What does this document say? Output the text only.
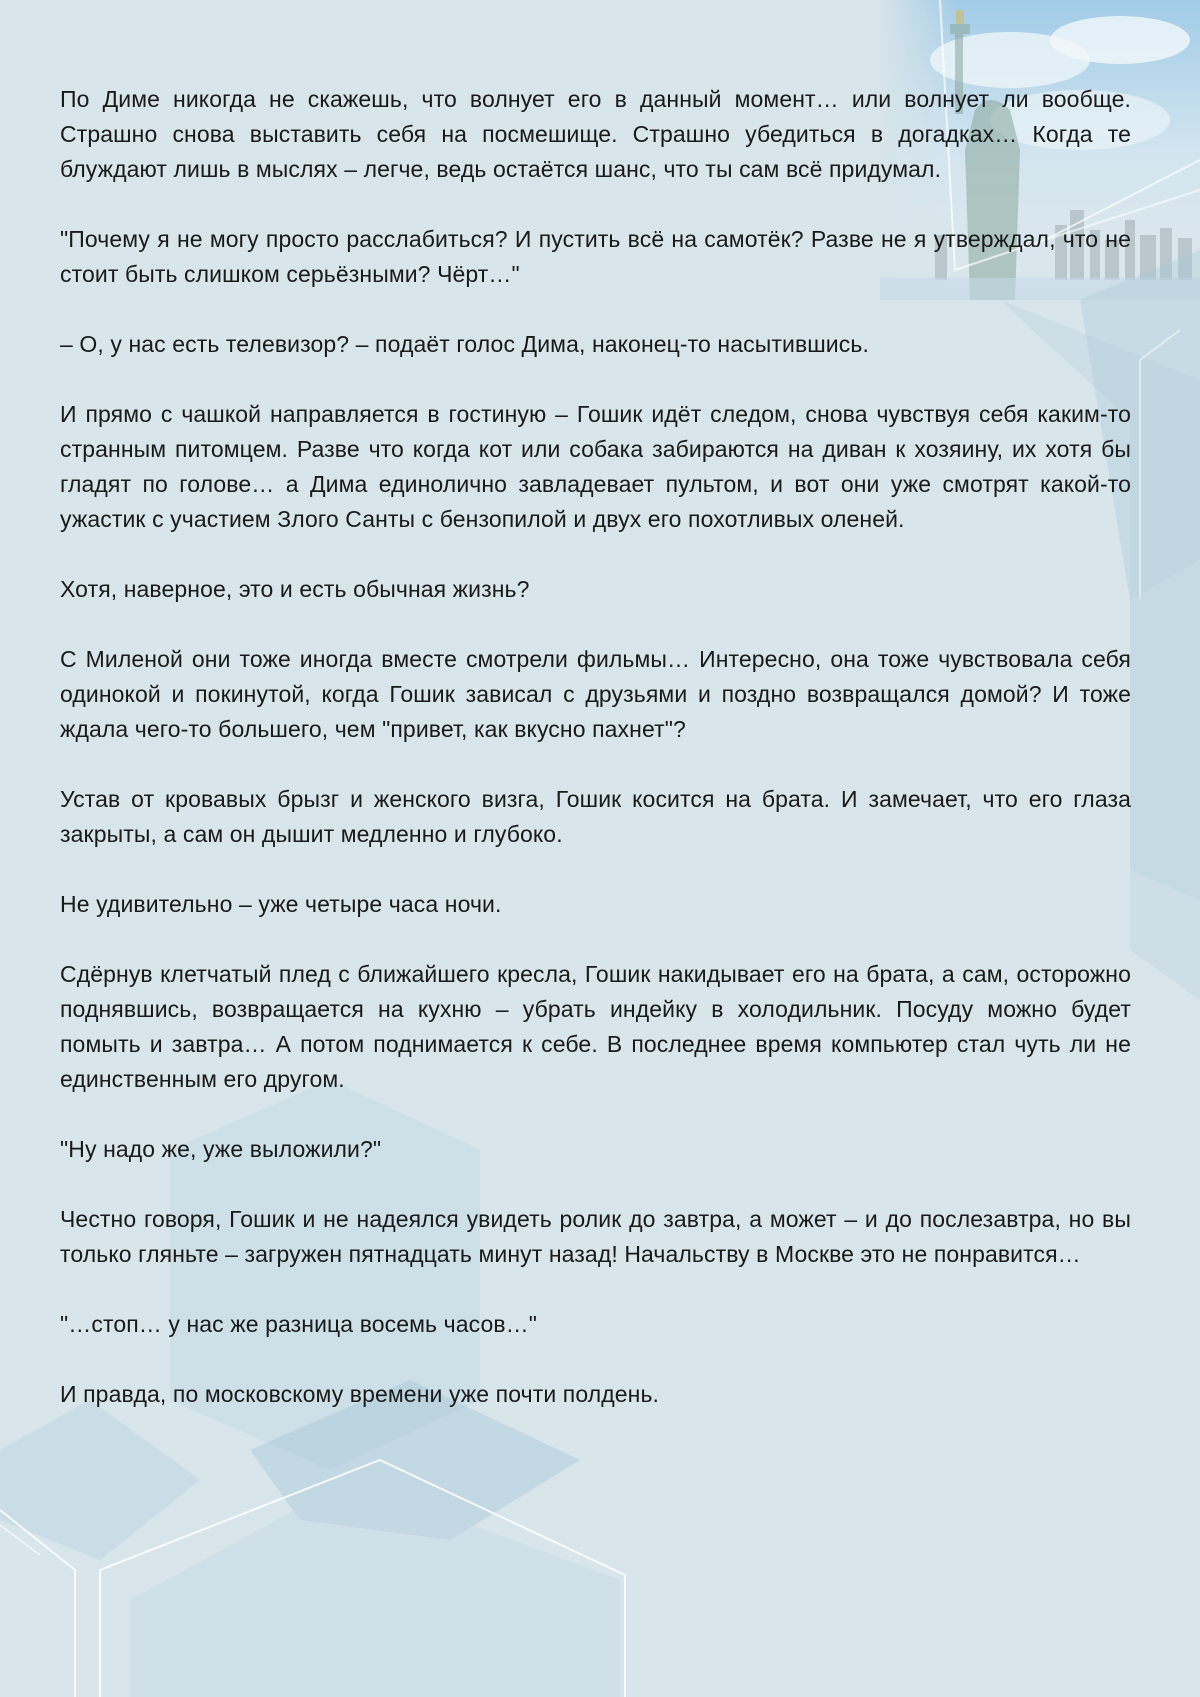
По Диме никогда не скажешь, что волнует его в данный момент… или волнует ли вообще. Страшно снова выставить себя на посмешище. Страшно убедиться в догадках… Когда те блуждают лишь в мыслях – легче, ведь остаётся шанс, что ты сам всё придумал.

"Почему я не могу просто расслабиться? И пустить всё на самотёк? Разве не я утверждал, что не стоит быть слишком серьёзными? Чёрт…"

– О, у нас есть телевизор? – подаёт голос Дима, наконец-то насытившись.

И прямо с чашкой направляется в гостиную – Гошик идёт следом, снова чувствуя себя каким-то странным питомцем. Разве что когда кот или собака забираются на диван к хозяину, их хотя бы гладят по голове… а Дима единолично завладевает пультом, и вот они уже смотрят какой-то ужастик с участием Злого Санты с бензопилой и двух его похотливых оленей.

Хотя, наверное, это и есть обычная жизнь?

С Миленой они тоже иногда вместе смотрели фильмы… Интересно, она тоже чувствовала себя одинокой и покинутой, когда Гошик зависал с друзьями и поздно возвращался домой? И тоже ждала чего-то большего, чем "привет, как вкусно пахнет"?

Устав от кровавых брызг и женского визга, Гошик косится на брата. И замечает, что его глаза закрыты, а сам он дышит медленно и глубоко.

Не удивительно – уже четыре часа ночи.

Сдёрнув клетчатый плед с ближайшего кресла, Гошик накидывает его на брата, а сам, осторожно поднявшись, возвращается на кухню – убрать индейку в холодильник. Посуду можно будет помыть и завтра… А потом поднимается к себе. В последнее время компьютер стал чуть ли не единственным его другом.

"Ну надо же, уже выложили?"

Честно говоря, Гошик и не надеялся увидеть ролик до завтра, а может – и до послезавтра, но вы только гляньте – загружен пятнадцать минут назад! Начальству в Москве это не понравится…

"…стоп… у нас же разница восемь часов…"

И правда, по московскому времени уже почти полдень.
